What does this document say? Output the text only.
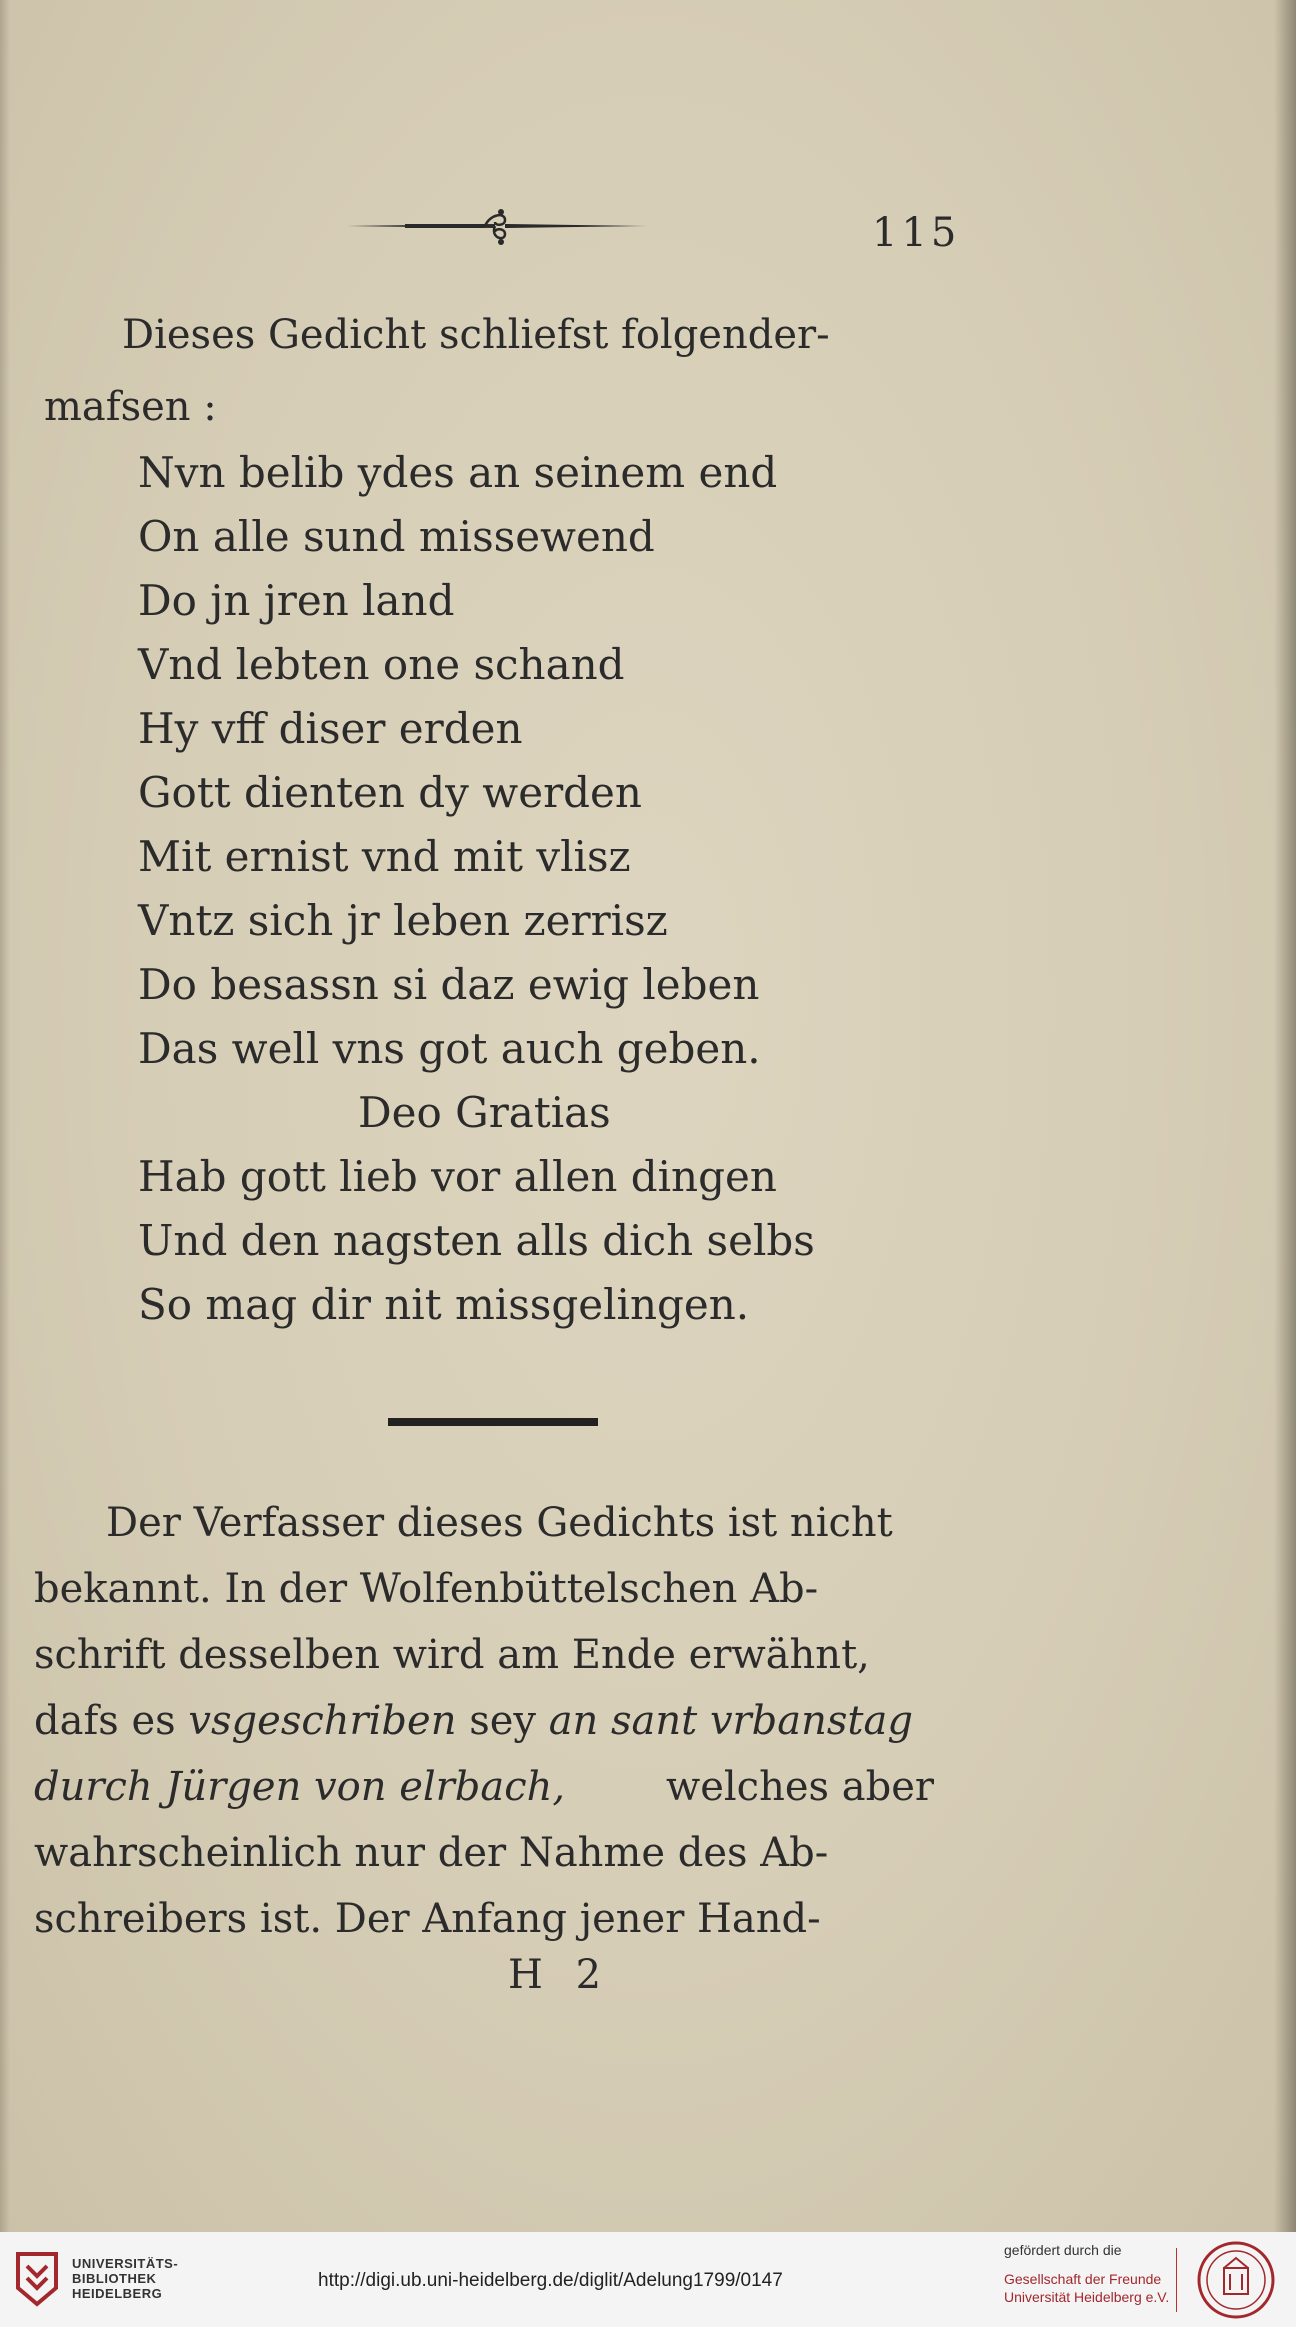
115
Dieses Gedicht schliefst folgender-
mafsen :
Nvn belib ydes an seinem end
On alle sund missewend
Do jn jren land
Vnd lebten one schand
Hy vff diser erden
Gott dienten dy werden
Mit ernist vnd mit vlisz
Vntz sich jr leben zerrisz
Do besassn si daz ewig leben
Das well vns got auch geben.
Deo Gratias
Hab gott lieb vor allen dingen
Und den nagsten alls dich selbs
So mag dir nit missgelingen.
Der Verfasser dieses Gedichts ist nicht
bekannt. In der Wolfenbüttelschen Ab-
schrift desselben wird am Ende erwähnt,
dafs es vsgeschriben sey an sant vrbanstag
durch Jürgen von elrbach,	welches aber
wahrscheinlich nur der Nahme des Ab-
schreibers ist. Der Anfang jener Hand-
H 2
UNIVERSITÄTS-
BIBLIOTHEK
HEIDELBERG
http://digi.ub.uni-heidelberg.de/diglit/Adelung1799/0147
gefördert durch die
Gesellschaft der Freunde
Universität Heidelberg e.V.
